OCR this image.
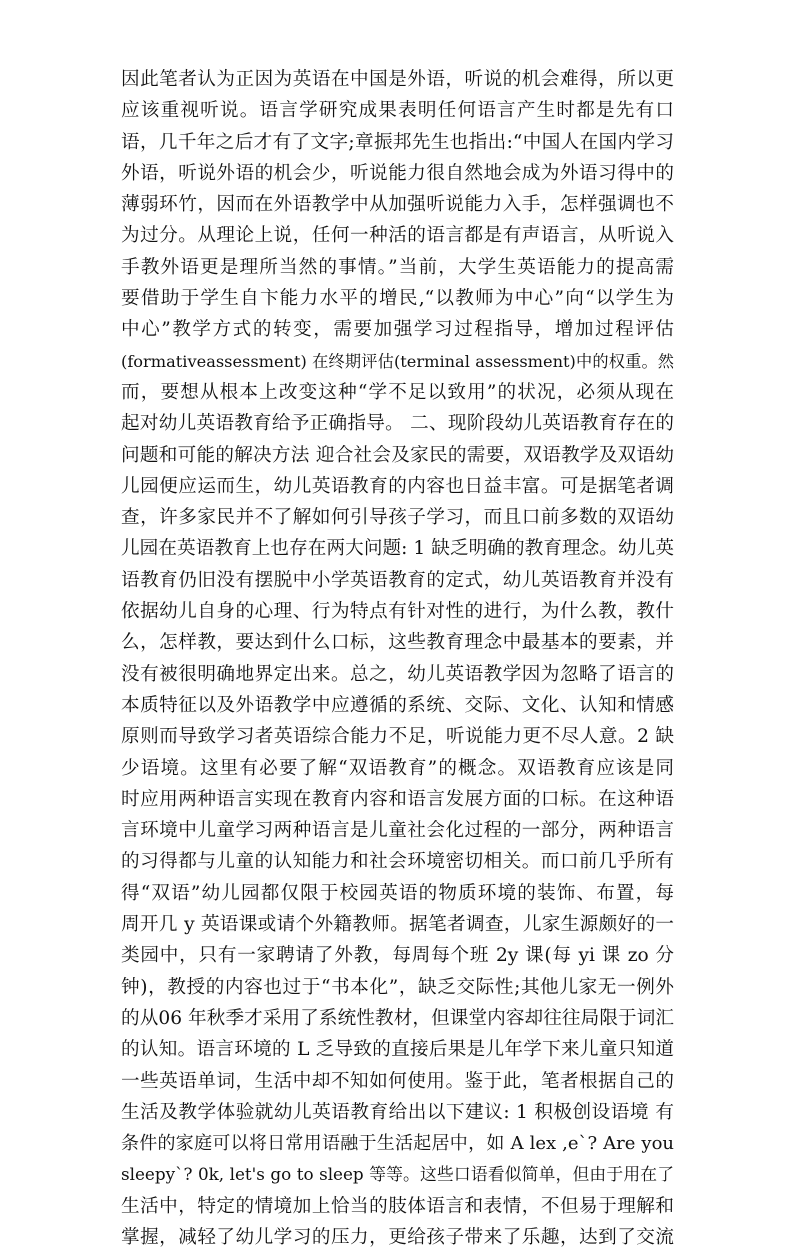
因此笔者认为正因为英语在中国是外语，听说的机会难得，所以更
应该重视听说。语言学研究成果表明任何语言产生时都是先有口
语，几千年之后才有了文字;章振邦先生也指出:“中国人在国内学习
外语，听说外语的机会少，听说能力很自然地会成为外语习得中的
薄弱环竹，因而在外语教学中从加强听说能力入手，怎样强调也不
为过分。从理论上说，任何一种活的语言都是有声语言，从听说入
手教外语更是理所当然的事情。”当前，大学生英语能力的提高需
要借助于学生自卞能力水平的增民,“以教师为中心”向“以学生为
中心”教学方式的转变，需要加强学习过程指导，增加过程评估
(formativeassessment) 在终期评估(terminal assessment)中的权重。然
而，要想从根本上改变这种“学不足以致用”的状况，必须从现在
起对幼儿英语教育给予正确指导。 二、现阶段幼儿英语教育存在的
问题和可能的解决方法 迎合社会及家民的需要，双语教学及双语幼
儿园便应运而生，幼儿英语教育的内容也日益丰富。可是据笔者调
查，许多家民并不了解如何引导孩子学习，而且口前多数的双语幼
儿园在英语教育上也存在两大问题: 1 缺乏明确的教育理念。幼儿英
语教育仍旧没有摆脱中小学英语教育的定式，幼儿英语教育并没有
依据幼儿自身的心理、行为特点有针对性的进行，为什么教，教什
么，怎样教，要达到什么口标，这些教育理念中最基本的要素，并
没有被很明确地界定出来。总之，幼儿英语教学因为忽略了语言的
本质特征以及外语教学中应遵循的系统、交际、文化、认知和情感
原则而导致学习者英语综合能力不足，听说能力更不尽人意。2 缺
少语境。这里有必要了解“双语教育”的概念。双语教育应该是同
时应用两种语言实现在教育内容和语言发展方面的口标。在这种语
言环境中儿童学习两种语言是儿童社会化过程的一部分，两种语言
的习得都与儿童的认知能力和社会环境密切相关。而口前几乎所有
得“双语”幼儿园都仅限于校园英语的物质环境的装饰、布置，每
周开几 y 英语课或请个外籍教师。据笔者调查，儿家生源颇好的一
类园中，只有一家聘请了外教，每周每个班 2y 课(每 yi 课 zo 分
钟)，教授的内容也过于“书本化”，缺乏交际性;其他儿家无一例外
的从06 年秋季才采用了系统性教材，但课堂内容却往往局限于词汇
的认知。语言环境的 L 乏导致的直接后果是儿年学下来儿童只知道
一些英语单词，生活中却不知如何使用。鉴于此，笔者根据自己的
生活及教学体验就幼儿英语教育给出以下建议: 1 积极创设语境 有
条件的家庭可以将日常用语融于生活起居中，如 A lex ,e`? Are you
sleepy`? 0k, let's go to sleep 等等。这些口语看似简单，但由于用在了
生活中，特定的情境加上恰当的肢体语言和表情，不但易于理解和
掌握，减轻了幼儿学习的压力，更给孩子带来了乐趣，达到了交流
